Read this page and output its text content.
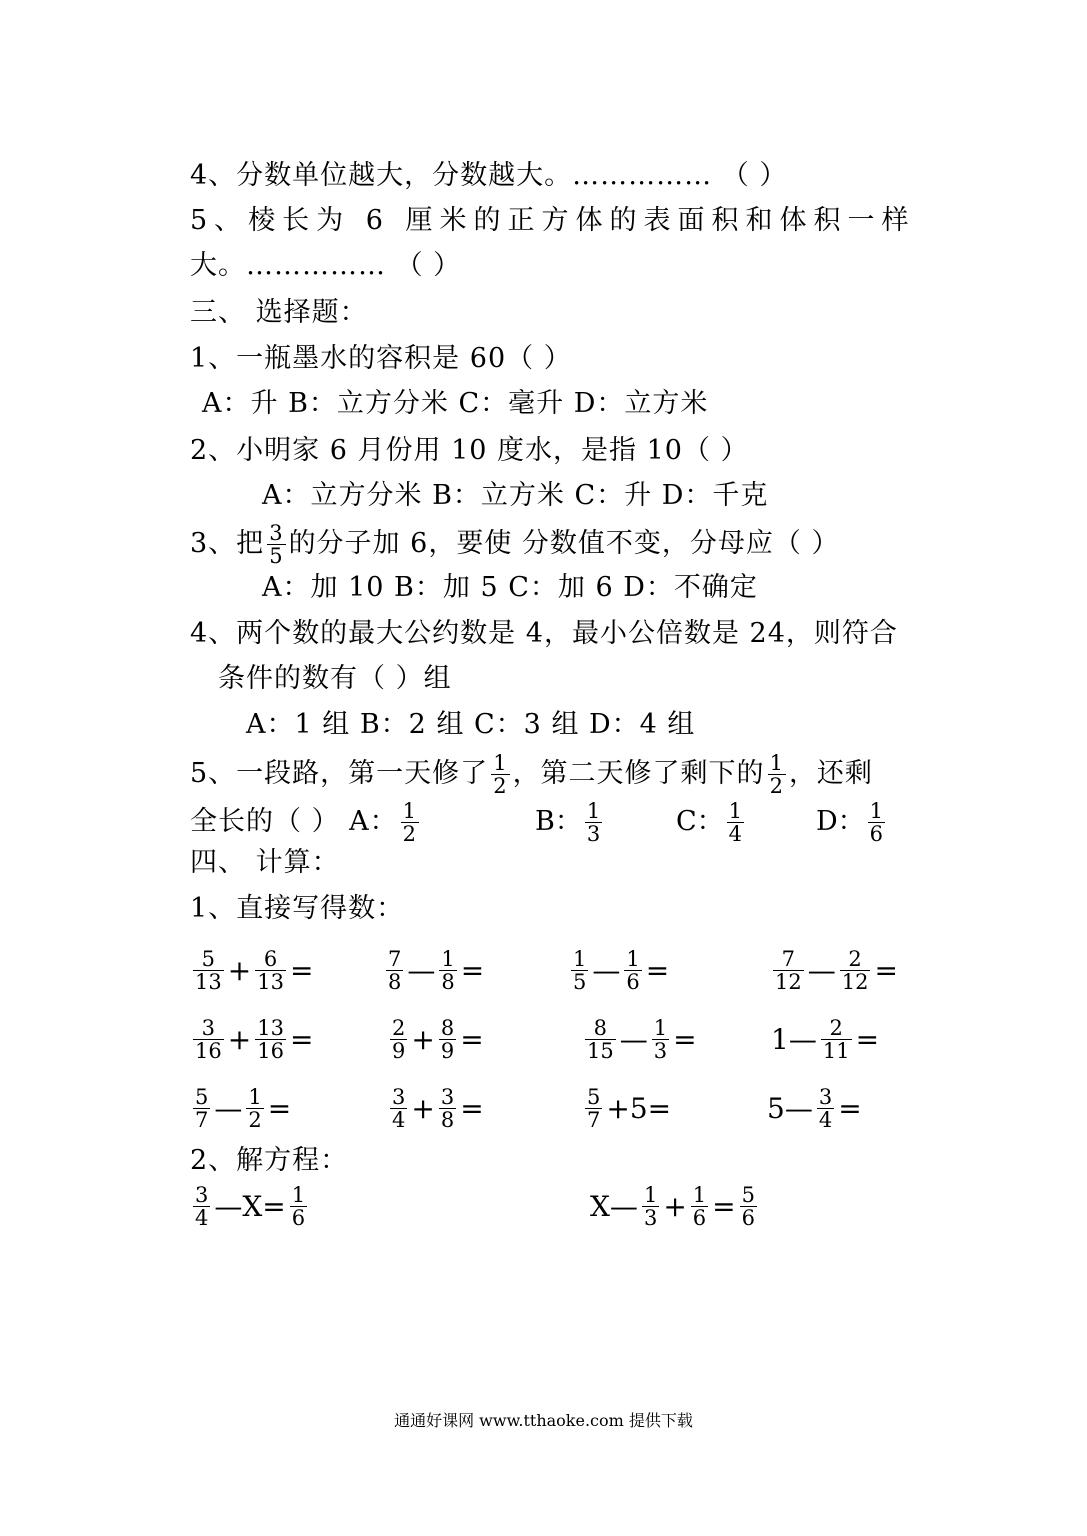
4、分数单位越大，分数越大。…………… （ ）
5、棱长为 6 厘米的正方体的表面积和体积一样
大。…………… （ ）
三、 选择题：
1、一瓶墨水的容积是 60（ ）
A：升 B：立方分米 C：毫升 D：立方米
2、小明家 6 月份用 10 度水，是指 10（ ）
A：立方分米 B：立方米 C：升 D：千克
3、把 $\frac{3}{5}$ 的分子加 6，要使 分数值不变，分母应（ ）
A：加 10 B：加 5 C：加 6 D：不确定
4、两个数的最大公约数是 4，最小公倍数是 24，则符合
条件的数有（ ）组
A：1 组 B：2 组 C：3 组 D：4 组
5、一段路，第一天修了 $\frac{1}{2}$ ，第二天修了剩下的 $\frac{1}{2}$ ，还剩
全长的（ ） A： $\frac{1}{2}$	B： $\frac{1}{3}$	C： $\frac{1}{4}$	D： $\frac{1}{6}$
四、 计算：
1、直接写得数：
$\frac{5}{13} + \frac{6}{13}$ =	$\frac{7}{8}$ — $\frac{1}{8}$ =	$\frac{1}{5}$ — $\frac{1}{6}$ =	$\frac{7}{12}$ — $\frac{2}{12}$ =
$\frac{3}{16} + \frac{13}{16}$ =	$\frac{2}{9} + \frac{8}{9}$ =	$\frac{8}{15}$ — $\frac{1}{3}$ =	1— $\frac{2}{11}$ =
$\frac{5}{7}$ — $\frac{1}{2}$ =	$\frac{3}{4} + \frac{3}{8}$ =	$\frac{5}{7} +5=$	5— $\frac{3}{4}$ =
2、解方程：
$\frac{3}{4}$ —X= $\frac{1}{6}$	X— $\frac{1}{3} + \frac{1}{6} = \frac{5}{6}$
通通好课网 www.tthaoke.com 提供下载
